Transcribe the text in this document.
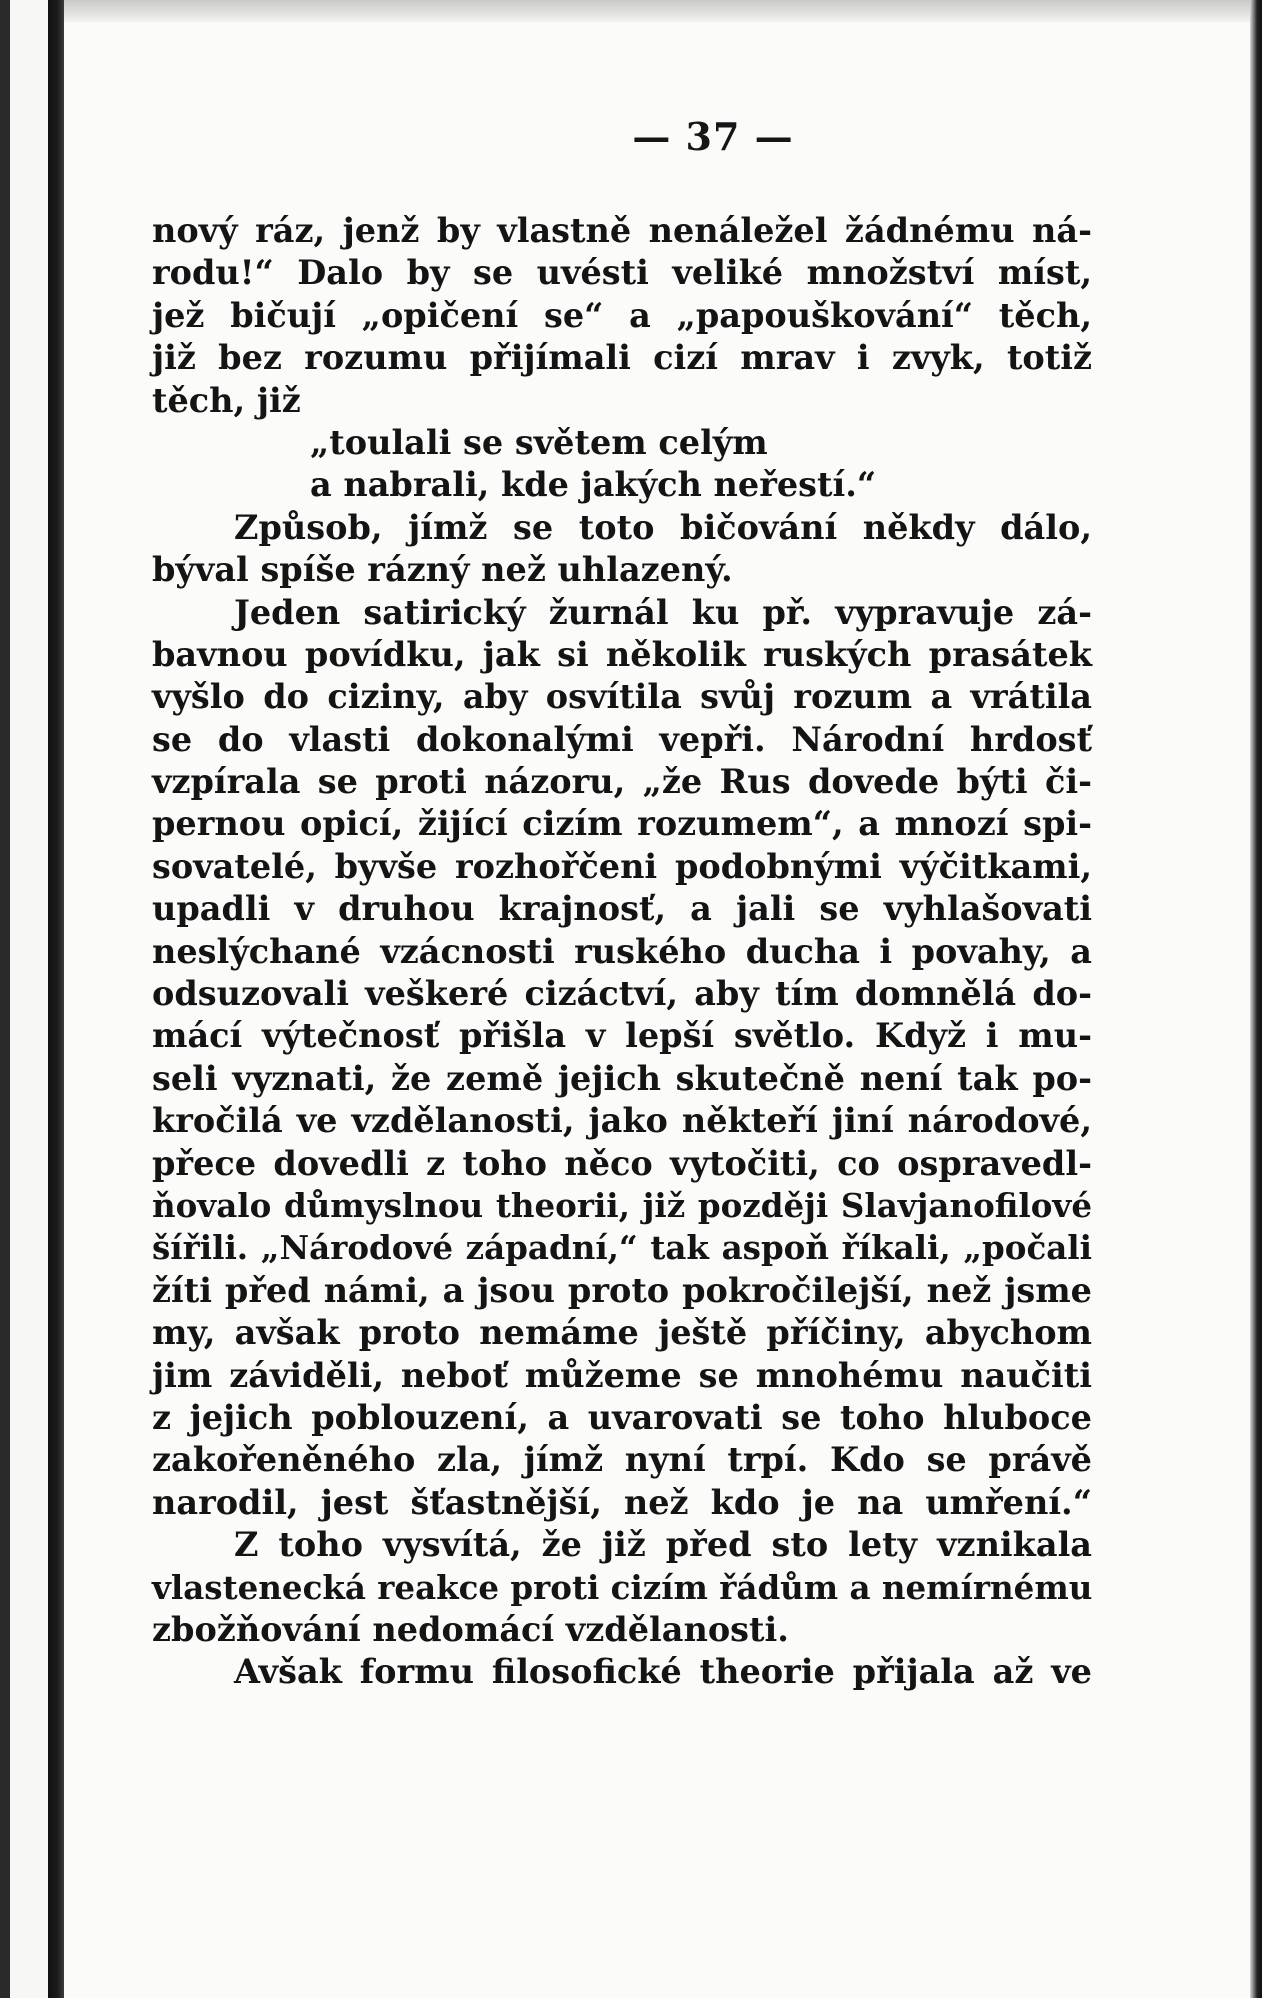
— 37 —
nový ráz, jenž by vlastně nenáležel žádnému ná-
rodu!“ Dalo by se uvésti veliké množství míst,
jež bičují „opičení se“ a „papouškování“ těch,
již bez rozumu přijímali cizí mrav i zvyk, totiž
těch, již
„toulali se světem celým
a nabrali, kde jakých neřestí.“
Způsob, jímž se toto bičování někdy dálo,
býval spíše rázný než uhlazený.
Jeden satirický žurnál ku př. vypravuje zá-
bavnou povídku, jak si několik ruských prasátek
vyšlo do ciziny, aby osvítila svůj rozum a vrátila
se do vlasti dokonalými vepři. Národní hrdosť
vzpírala se proti názoru, „že Rus dovede býti či-
pernou opicí, žijící cizím rozumem“, a mnozí spi-
sovatelé, byvše rozhořčeni podobnými výčitkami,
upadli v druhou krajnosť, a jali se vyhlašovati
neslýchané vzácnosti ruského ducha i povahy, a
odsuzovali veškeré cizáctví, aby tím domnělá do-
mácí výtečnosť přišla v lepší světlo. Když i mu-
seli vyznati, že země jejich skutečně není tak po-
kročilá ve vzdělanosti, jako někteří jiní národové,
přece dovedli z toho něco vytočiti, co ospravedl-
ňovalo důmyslnou theorii, již později Slavjanofilové
šířili. „Národové západní,“ tak aspoň říkali, „počali
žíti před námi, a jsou proto pokročilejší, než jsme
my, avšak proto nemáme ještě příčiny, abychom
jim záviděli, neboť můžeme se mnohému naučiti
z jejich poblouzení, a uvarovati se toho hluboce
zakořeněného zla, jímž nyní trpí. Kdo se právě
narodil, jest šťastnější, než kdo je na umření.“
Z toho vysvítá, že již před sto lety vznikala
vlastenecká reakce proti cizím řádům a nemírnému
zbožňování nedomácí vzdělanosti.
Avšak formu filosofické theorie přijala až ve
